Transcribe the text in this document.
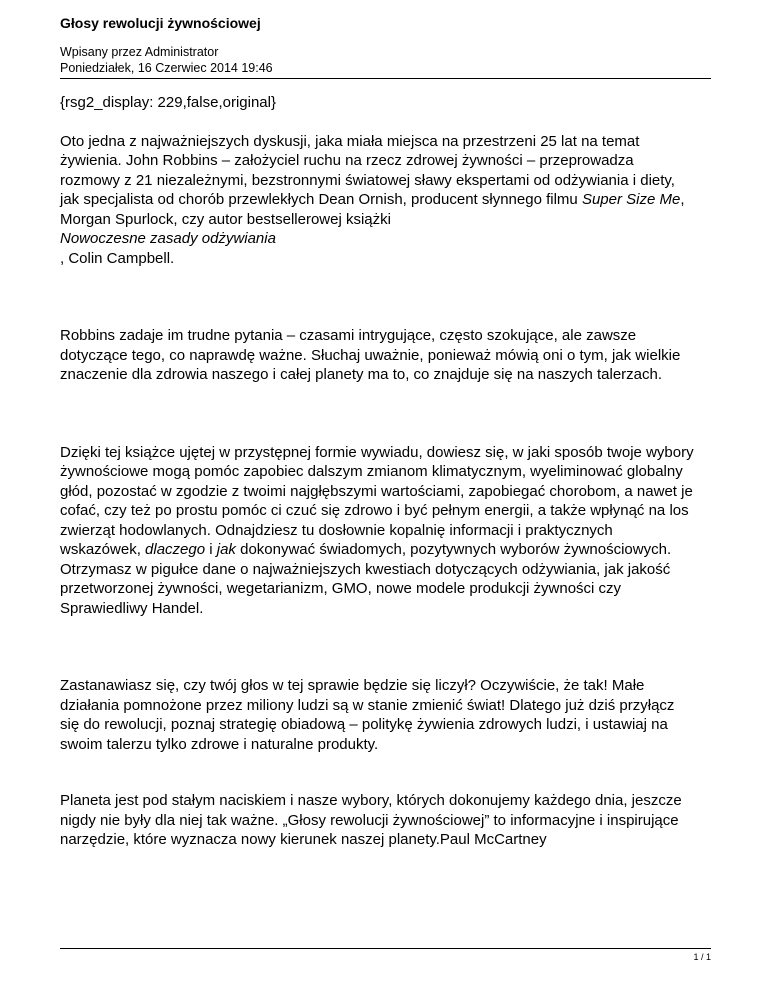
Głosy rewolucji żywnościowej
Wpisany przez Administrator
Poniedziałek, 16 Czerwiec 2014 19:46
{rsg2_display: 229,false,original}
Oto jedna z najważniejszych dyskusji, jaka miała miejsca na przestrzeni 25 lat na temat
żywienia. John Robbins – założyciel ruchu na rzecz zdrowej żywności – przeprowadza
rozmowy z 21 niezależnymi, bezstronnymi światowej sławy ekspertami od odżywiania i diety,
jak specjalista od chorób przewlekłych Dean Ornish, producent słynnego filmu Super Size Me,
Morgan Spurlock, czy autor bestsellerowej książki
Nowoczesne zasady odżywiania
, Colin Campbell.
Robbins zadaje im trudne pytania – czasami intrygujące, często szokujące, ale zawsze
dotyczące tego, co naprawdę ważne. Słuchaj uważnie, ponieważ mówią oni o tym, jak wielkie
znaczenie dla zdrowia naszego i całej planety ma to, co znajduje się na naszych talerzach.
Dzięki tej książce ujętej w przystępnej formie wywiadu, dowiesz się, w jaki sposób twoje wybory
żywnościowe mogą pomóc zapobiec dalszym zmianom klimatycznym, wyeliminować globalny
głód, pozostać w zgodzie z twoimi najgłębszymi wartościami, zapobiegać chorobom, a nawet je
cofać, czy też po prostu pomóc ci czuć się zdrowo i być pełnym energii, a także wpłynąć na los
zwierząt hodowlanych. Odnajdziesz tu dosłownie kopalnię informacji i praktycznych
wskazówek, dlaczego i jak dokonywać świadomych, pozytywnych wyborów żywnościowych.
Otrzymasz w pigułce dane o najważniejszych kwestiach dotyczących odżywiania, jak jakość
przetworzonej żywności, wegetarianizm, GMO, nowe modele produkcji żywności czy
Sprawiedliwy Handel.
Zastanawiasz się, czy twój głos w tej sprawie będzie się liczył? Oczywiście, że tak! Małe
działania pomnożone przez miliony ludzi są w stanie zmienić świat! Dlatego już dziś przyłącz
się do rewolucji, poznaj strategię obiadową – politykę żywienia zdrowych ludzi, i ustawiaj na
swoim talerzu tylko zdrowe i naturalne produkty.
Planeta jest pod stałym naciskiem i nasze wybory, których dokonujemy każdego dnia, jeszcze
nigdy nie były dla niej tak ważne. „Głosy rewolucji żywnościowej” to informacyjne i inspirujące
narzędzie, które wyznacza nowy kierunek naszej planety.Paul McCartney
1 / 1
